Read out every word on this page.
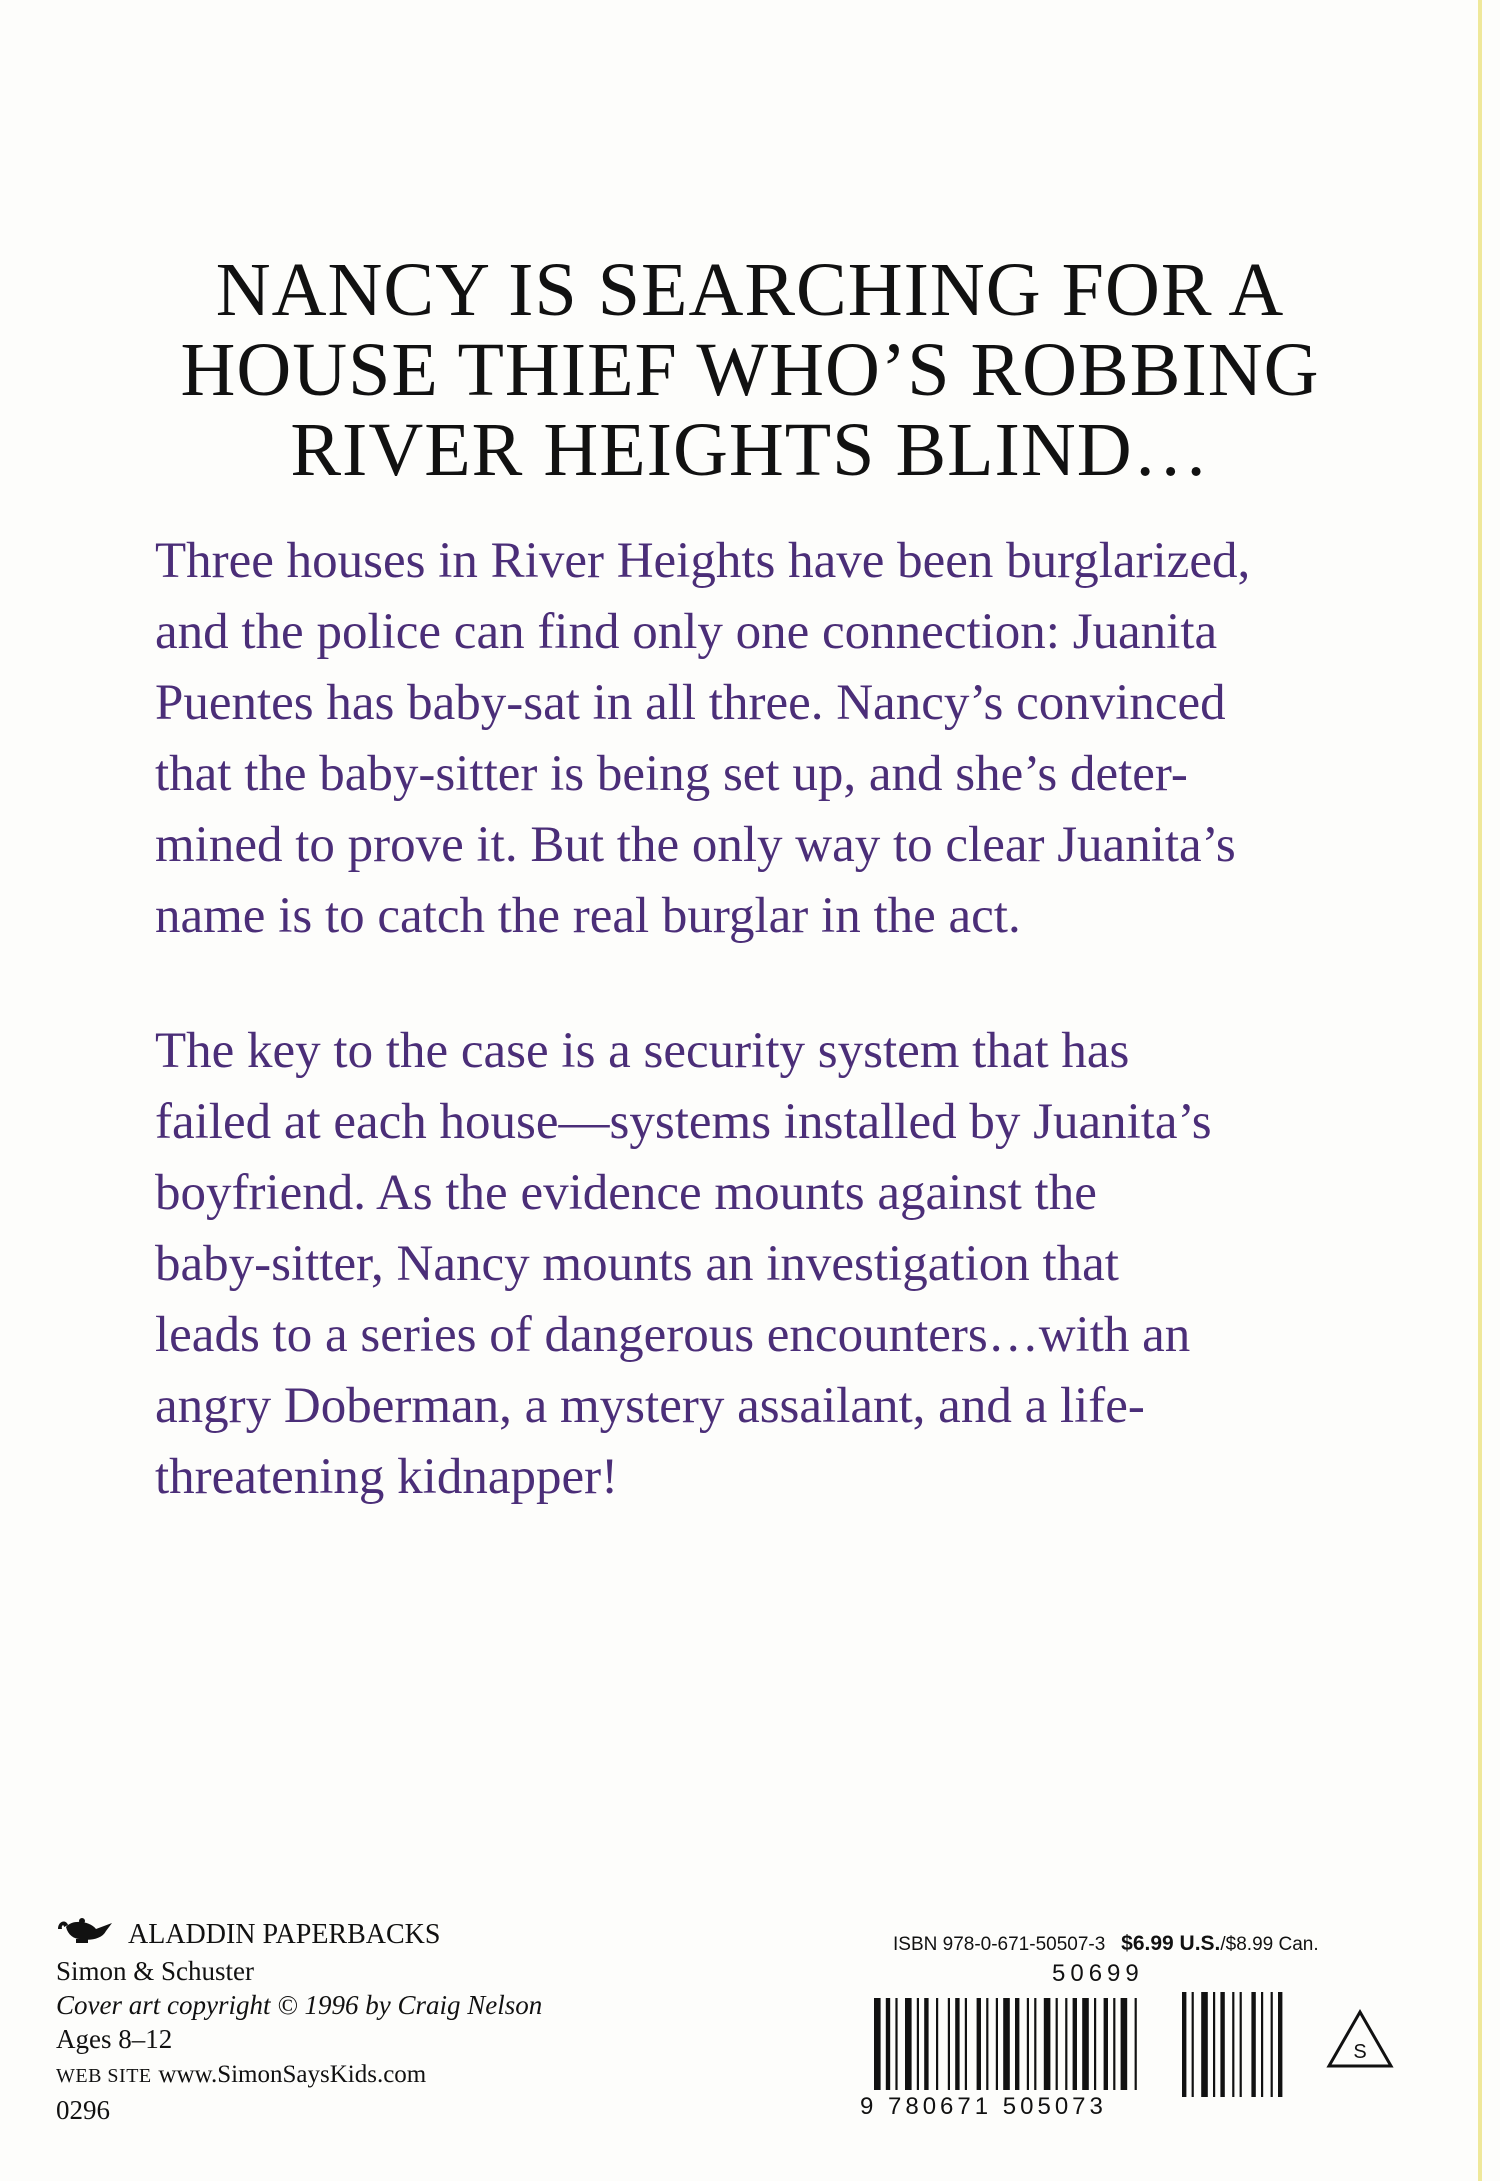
NANCY IS SEARCHING FOR A
HOUSE THIEF WHO’S ROBBING
RIVER HEIGHTS BLIND…
Three houses in River Heights have been burglarized,
and the police can find only one connection: Juanita
Puentes has baby-sat in all three. Nancy’s convinced
that the baby-sitter is being set up, and she’s deter-
mined to prove it. But the only way to clear Juanita’s
name is to catch the real burglar in the act.
The key to the case is a security system that has
failed at each house—systems installed by Juanita’s
boyfriend. As the evidence mounts against the
baby-sitter, Nancy mounts an investigation that
leads to a series of dangerous encounters…with an
angry Doberman, a mystery assailant, and a life-
threatening kidnapper!
ALADDIN PAPERBACKS
Simon & Schuster
Cover art copyright © 1996 by Craig Nelson
Ages 8–12
WEB SITE www.SimonSaysKids.com
0296
ISBN 978-0-671-50507-3 $6.99 U.S./$8.99 Can.
50699
9 780671 505073
S
